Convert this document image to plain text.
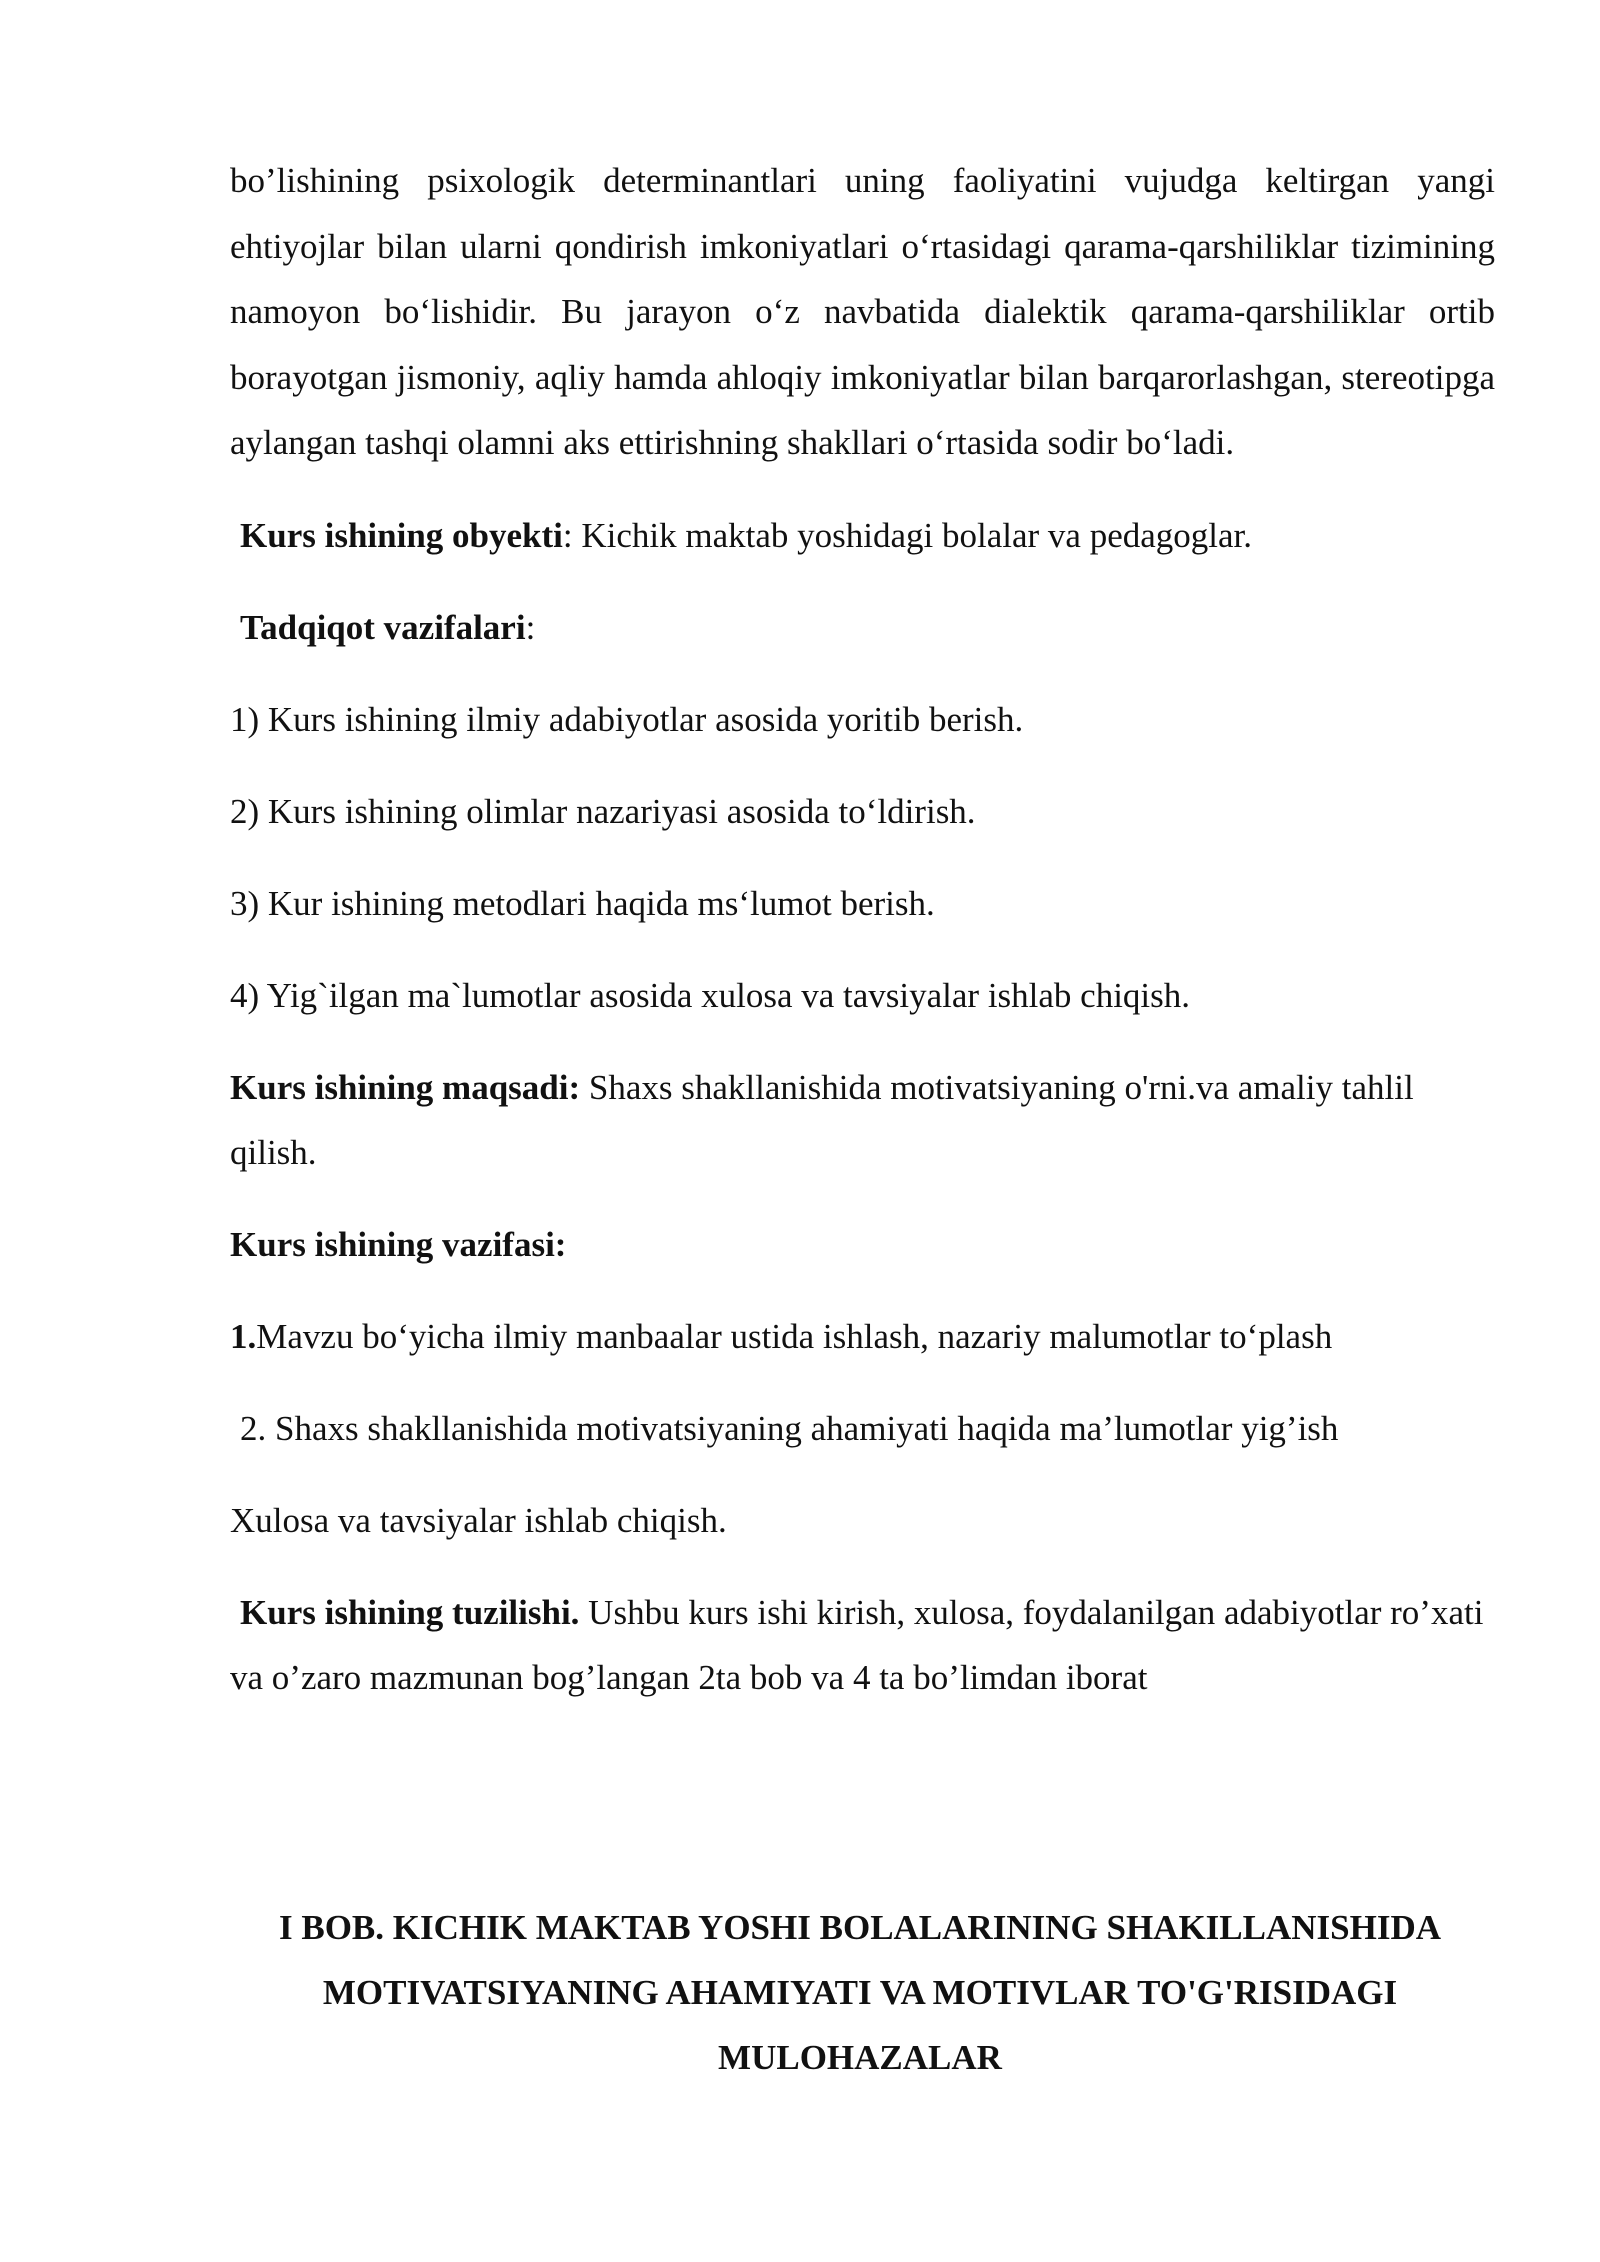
bo’lishining psixologik determinantlari uning faoliyatini vujudga keltirgan yangi ehtiyojlar bilan ularni qondirish imkoniyatlari o‘rtasidagi qarama-qarshiliklar tizimining namoyon bo‘lishidir. Bu jarayon o‘z navbatida dialektik qarama-qarshiliklar ortib borayotgan jismoniy, aqliy hamda ahloqiy imkoniyatlar bilan barqarorlashgan, stereotipga aylangan tashqi olamni aks ettirishning shakllari o‘rtasida sodir bo‘ladi.

Kurs ishining obyekti: Kichik maktab yoshidagi bolalar va pedagoglar.

Tadqiqot vazifalari:

1) Kurs ishining ilmiy adabiyotlar asosida yoritib berish.

2) Kurs ishining olimlar nazariyasi asosida to‘ldirish.

3) Kur ishining metodlari haqida ms‘lumot berish.

4) Yig`ilgan ma`lumotlar asosida xulosa va tavsiyalar ishlab chiqish.

Kurs ishining maqsadi: Shaxs shakllanishida motivatsiyaning o'rni.va amaliy tahlil qilish.

Kurs ishining vazifasi:

1.Mavzu bo‘yicha ilmiy manbaalar ustida ishlash, nazariy malumotlar to‘plash

2. Shaxs shakllanishida motivatsiyaning ahamiyati haqida ma’lumotlar yig’ish

Xulosa va tavsiyalar ishlab chiqish.

Kurs ishining tuzilishi. Ushbu kurs ishi kirish, xulosa, foydalanilgan adabiyotlar ro’xati va o’zaro mazmunan bog’langan 2ta bob va 4 ta bo’limdan iborat

I BOB. KICHIK MAKTAB YOSHI BOLALARINING SHAKILLANISHIDA MOTIVATSIYANING AHAMIYATI VA MOTIVLAR TO'G'RISIDAGI MULOHAZALAR
